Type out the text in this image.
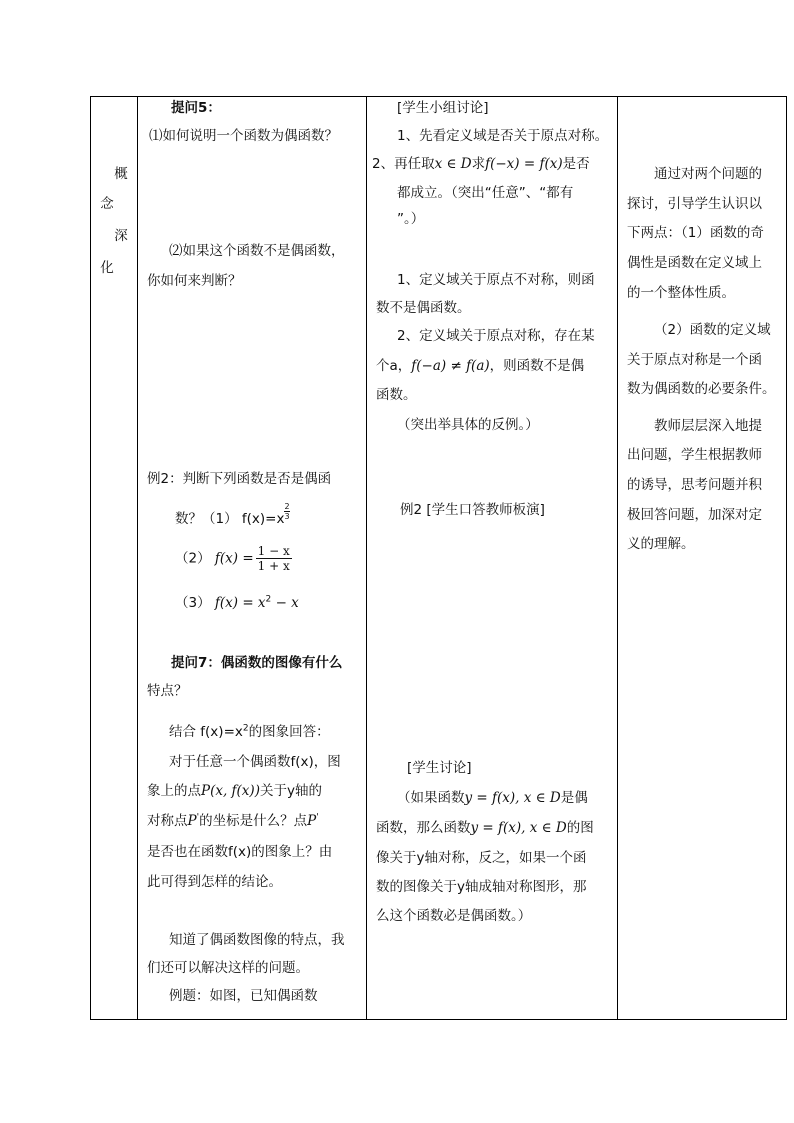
概
念
深
化
提问5：
⑴如何说明一个函数为偶函数？
⑵如果这个函数不是偶函数，
你如何来判断？
例2：判断下列函数是否是偶函
数？（1） $f(x)=x \frac{2}{3}$
（2） $f(x) = \frac{1 - x}{1 + x}$
（3） $f(x) = x^2 - x$
提问7：偶函数的图像有什么
特点？
结合 $f(x)=x^2$的图象回答：
对于任意一个偶函数f(x)，图
象上的点P(x, f(x))关于y轴的
对称点P'的坐标是什么？点P'
是否也在函数f(x)的图象上？由
此可得到怎样的结论。
知道了偶函数图像的特点，我
们还可以解决这样的问题。
例题：如图，已知偶函数
[学生小组讨论]
1、先看定义域是否关于原点对称。
2、再任取x ∈ D求f(−x) = f(x)是否
都成立。（突出“任意”、“都有
”。）
1、定义域关于原点不对称，则函
数不是偶函数。
2、定义域关于原点对称，存在某
个a，f(−a) ≠ f(a)，则函数不是偶
函数。
（突出举具体的反例。）
例2 [学生口答教师板演]
[学生讨论]
（如果函数y = f(x), x ∈ D是偶
函数，那么函数y = f(x), x ∈ D的图
像关于y轴对称，反之，如果一个函
数的图像关于y轴成轴对称图形，那
么这个函数必是偶函数。）
通过对两个问题的
探讨，引导学生认识以
下两点：（1）函数的奇
偶性是函数在定义域上
的一个整体性质。
（2）函数的定义域
关于原点对称是一个函
数为偶函数的必要条件。
教师层层深入地提
出问题，学生根据教师
的诱导，思考问题并积
极回答问题，加深对定
义的理解。
